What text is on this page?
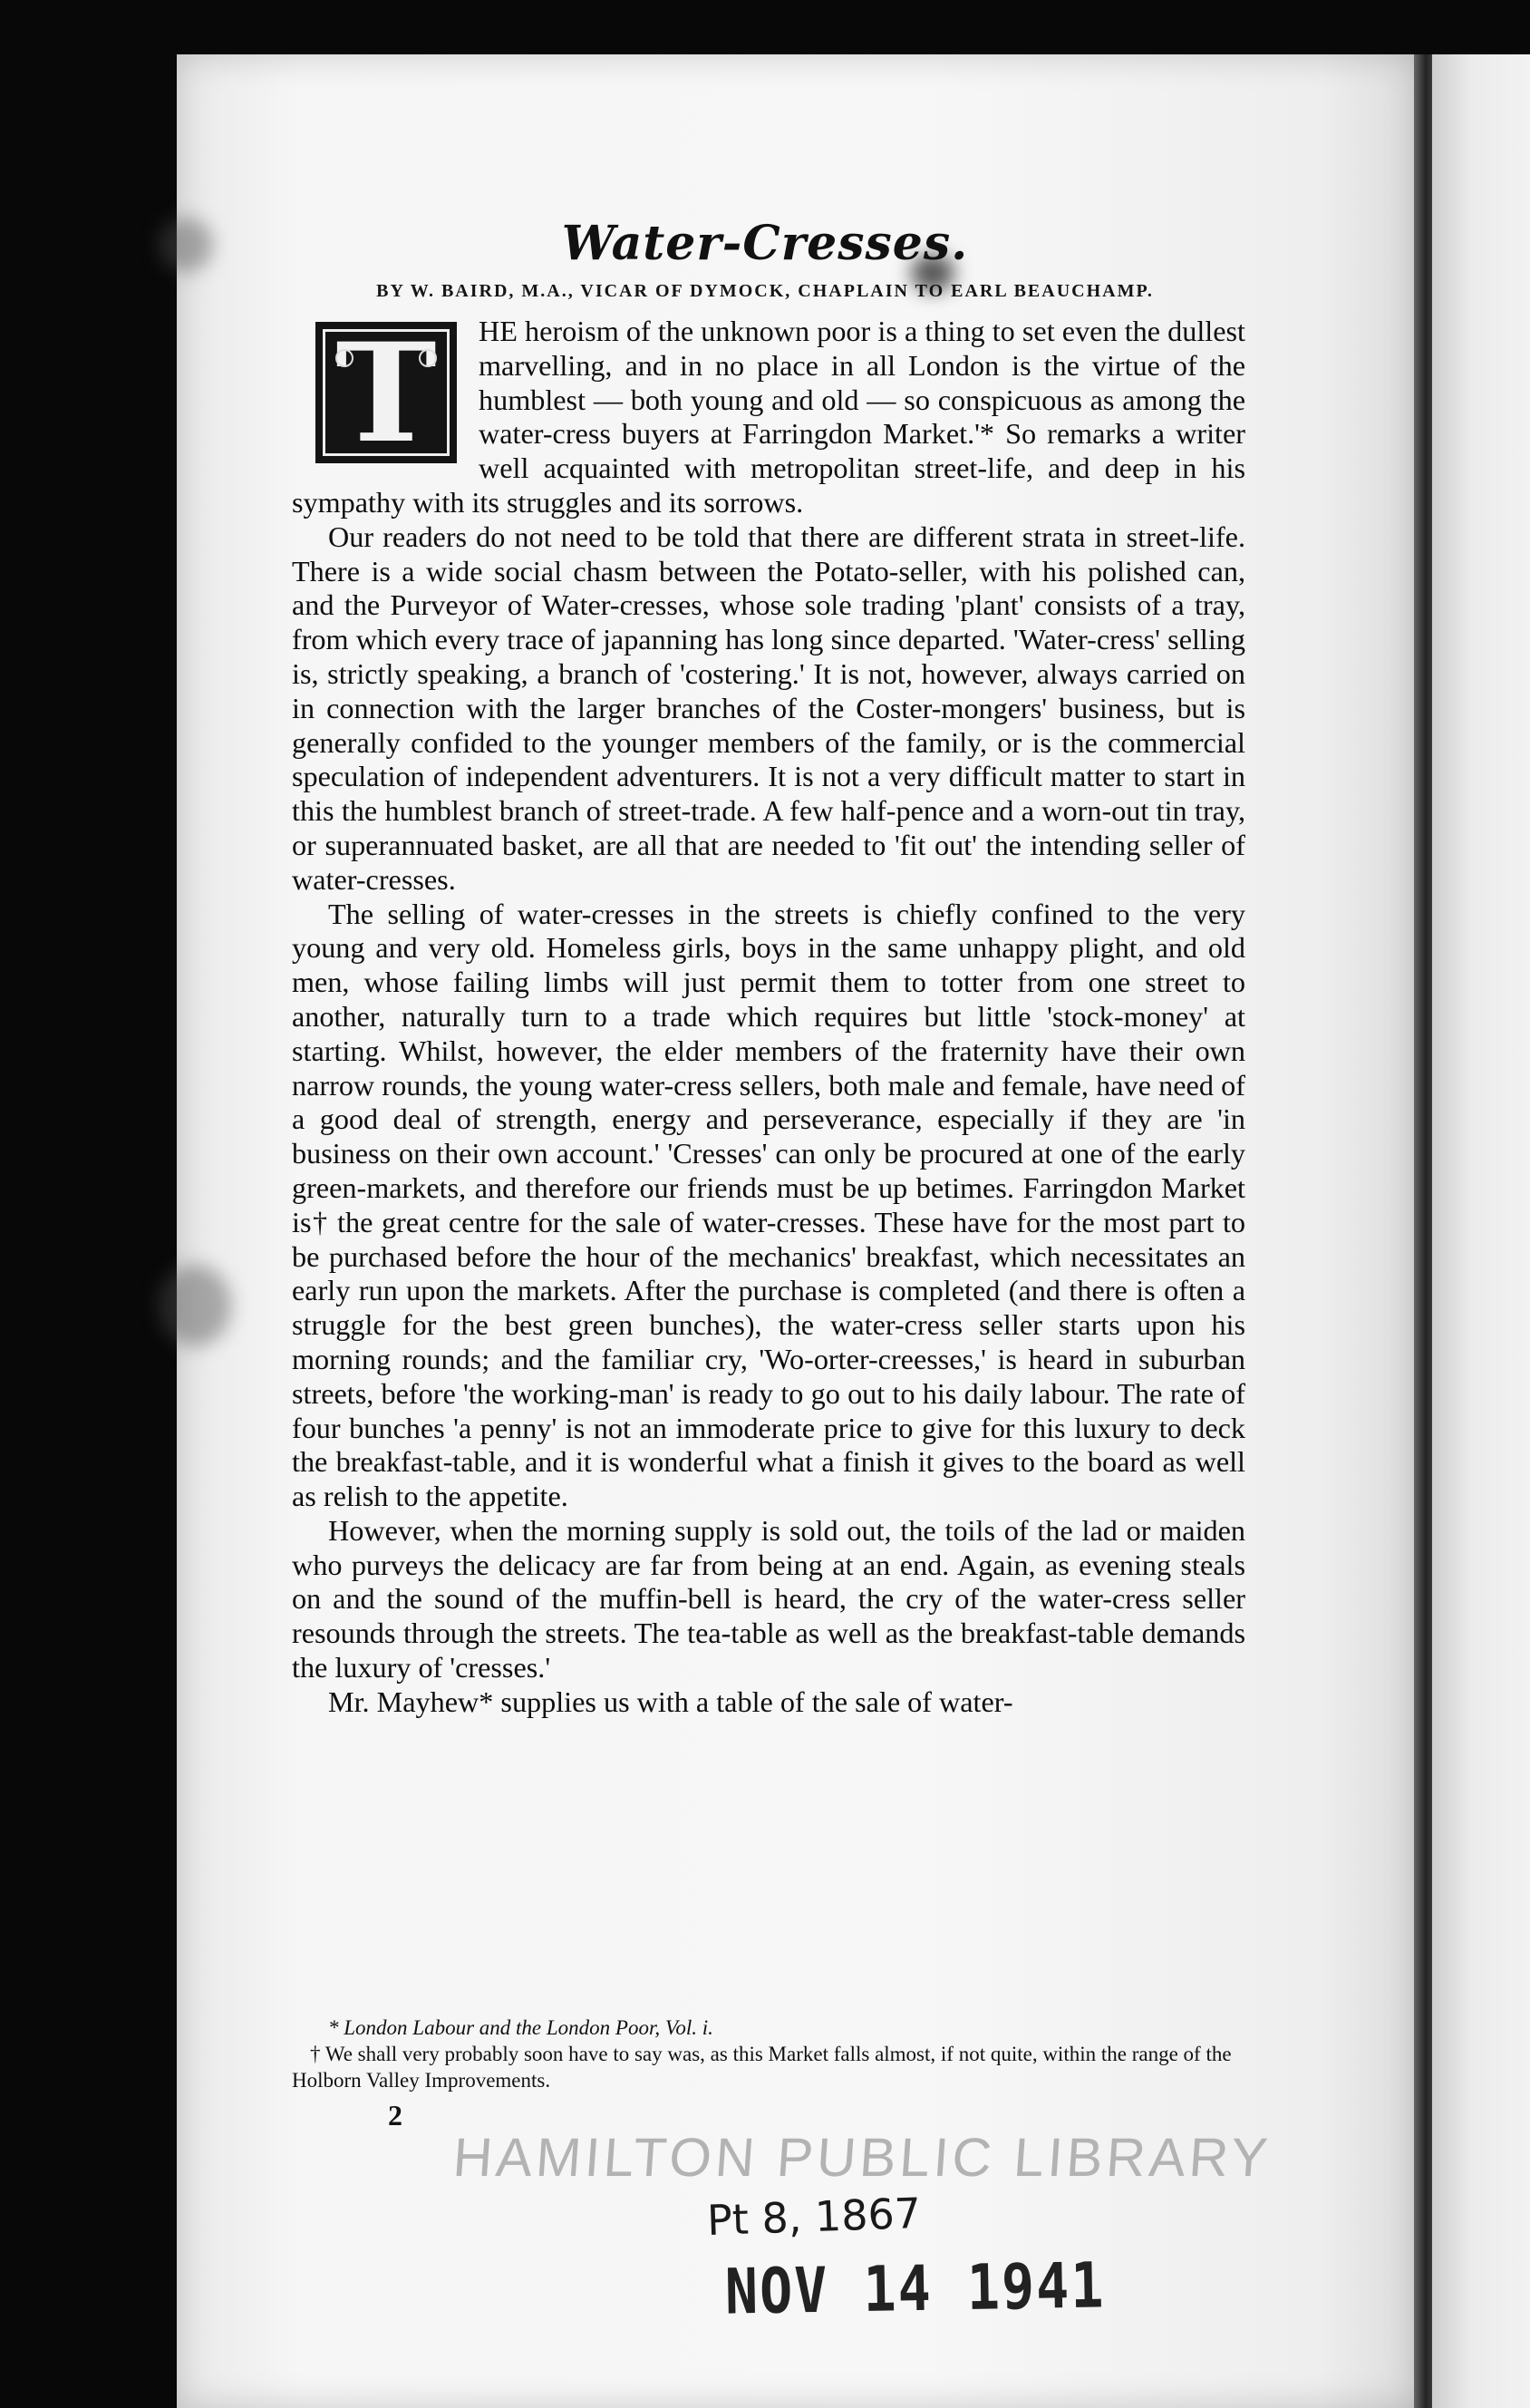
Water-Cresses.
BY W. BAIRD, M.A., VICAR OF DYMOCK, CHAPLAIN TO EARL BEAUCHAMP.

T	HE heroism of the unknown poor is a thing to set even the dullest marvelling, and in no place in all London is the virtue of the humblest — both young and old — so conspicuous as among the water-cress buyers at Farringdon Market.'* So remarks a writer well acquainted with metropolitan street-life, and deep in his sympathy with its struggles and its sorrows.

Our readers do not need to be told that there are different strata in street-life. There is a wide social chasm between the Potato-seller, with his polished can, and the Purveyor of Water-cresses, whose sole trading 'plant' consists of a tray, from which every trace of japanning has long since departed. 'Water-cress' selling is, strictly speaking, a branch of 'costering.' It is not, however, always carried on in connection with the larger branches of the Coster-mongers' business, but is generally confided to the younger members of the family, or is the commercial speculation of independent adventurers. It is not a very difficult matter to start in this the humblest branch of street-trade. A few half-pence and a worn-out tin tray, or superannuated basket, are all that are needed to 'fit out' the intending seller of water-cresses.

The selling of water-cresses in the streets is chiefly confined to the very young and very old. Homeless girls, boys in the same unhappy plight, and old men, whose failing limbs will just permit them to totter from one street to another, naturally turn to a trade which requires but little 'stock-money' at starting. Whilst, however, the elder members of the fraternity have their own narrow rounds, the young water-cress sellers, both male and female, have need of a good deal of strength, energy and perseverance, especially if they are 'in business on their own account.' 'Cresses' can only be procured at one of the early green-markets, and therefore our friends must be up betimes. Farringdon Market is† the great centre for the sale of water-cresses. These have for the most part to be purchased before the hour of the mechanics' breakfast, which necessitates an early run upon the markets. After the purchase is completed (and there is often a struggle for the best green bunches), the water-cress seller starts upon his morning rounds; and the familiar cry, 'Wo-orter-creesses,' is heard in suburban streets, before 'the working-man' is ready to go out to his daily labour. The rate of four bunches 'a penny' is not an immoderate price to give for this luxury to deck the breakfast-table, and it is wonderful what a finish it gives to the board as well as relish to the appetite.

However, when the morning supply is sold out, the toils of the lad or maiden who purveys the delicacy are far from being at an end. Again, as evening steals on and the sound of the muffin-bell is heard, the cry of the water-cress seller resounds through the streets. The tea-table as well as the breakfast-table demands the luxury of 'cresses.'

Mr. Mayhew* supplies us with a table of the sale of water-

* London Labour and the London Poor, Vol. i.
† We shall very probably soon have to say was, as this Market falls almost, if not quite, within the range of the Holborn Valley Improvements.
2
HAMILTON PUBLIC LIBRARY
Pt 8, 1867
NOV 14 1941
